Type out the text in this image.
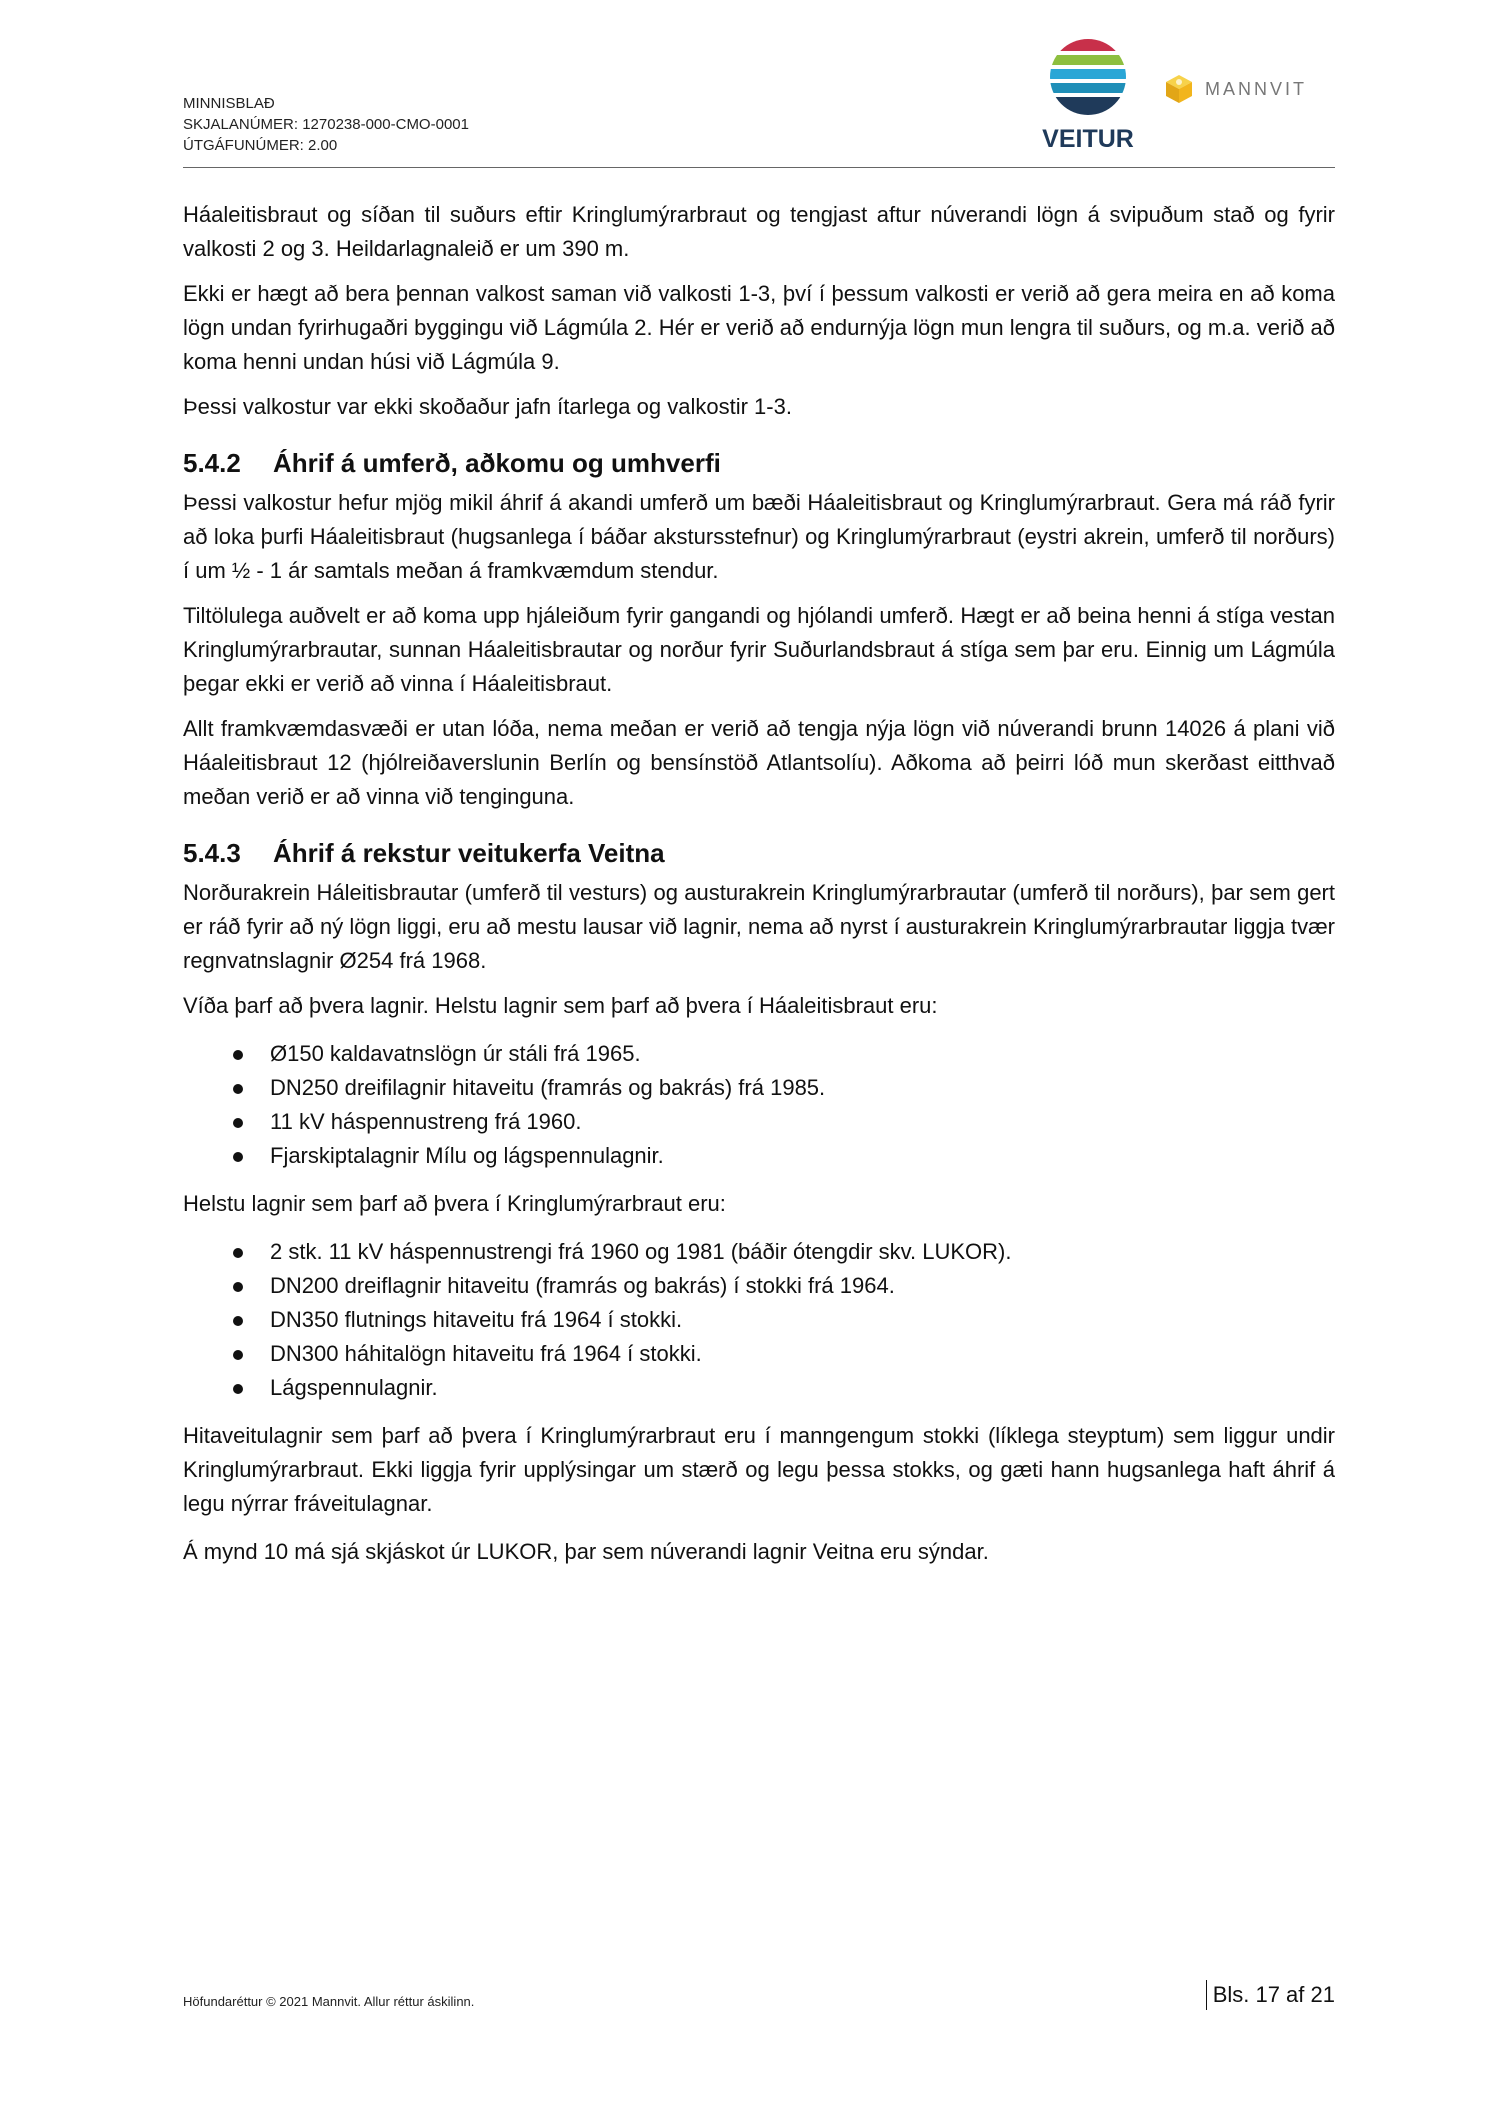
MINNISBLAÐ
SKJALANÚMER: 1270238-000-CMO-0001
ÚTGÁFUNÚMER: 2.00	VEITUR
MANNVIT

Háaleitisbraut og síðan til suðurs eftir Kringlumýrarbraut og tengjast aftur núverandi lögn á svipuðum stað og fyrir valkosti 2 og 3. Heildarlagnaleið er um 390 m.

Ekki er hægt að bera þennan valkost saman við valkosti 1-3, því í þessum valkosti er verið að gera meira en að koma lögn undan fyrirhugaðri byggingu við Lágmúla 2. Hér er verið að endurnýja lögn mun lengra til suðurs, og m.a. verið að koma henni undan húsi við Lágmúla 9.

Þessi valkostur var ekki skoðaður jafn ítarlega og valkostir 1-3.

5.4.2 Áhrif á umferð, aðkomu og umhverfi

Þessi valkostur hefur mjög mikil áhrif á akandi umferð um bæði Háaleitisbraut og Kringlumýrarbraut. Gera má ráð fyrir að loka þurfi Háaleitisbraut (hugsanlega í báðar akstursstefnur) og Kringlumýrarbraut (eystri akrein, umferð til norðurs) í um ½ - 1 ár samtals meðan á framkvæmdum stendur.

Tiltölulega auðvelt er að koma upp hjáleiðum fyrir gangandi og hjólandi umferð. Hægt er að beina henni á stíga vestan Kringlumýrarbrautar, sunnan Háaleitisbrautar og norður fyrir Suðurlandsbraut á stíga sem þar eru. Einnig um Lágmúla þegar ekki er verið að vinna í Háaleitisbraut.

Allt framkvæmdasvæði er utan lóða, nema meðan er verið að tengja nýja lögn við núverandi brunn 14026 á plani við Háaleitisbraut 12 (hjólreiðaverslunin Berlín og bensínstöð Atlantsolíu). Aðkoma að þeirri lóð mun skerðast eitthvað meðan verið er að vinna við tenginguna.

5.4.3 Áhrif á rekstur veitukerfa Veitna

Norðurakrein Háleitisbrautar (umferð til vesturs) og austurakrein Kringlumýrarbrautar (umferð til norðurs), þar sem gert er ráð fyrir að ný lögn liggi, eru að mestu lausar við lagnir, nema að nyrst í austurakrein Kringlumýrarbrautar liggja tvær regnvatnslagnir Ø254 frá 1968.

Víða þarf að þvera lagnir. Helstu lagnir sem þarf að þvera í Háaleitisbraut eru:

Ø150 kaldavatnslögn úr stáli frá 1965.
DN250 dreifilagnir hitaveitu (framrás og bakrás) frá 1985.
11 kV háspennustreng frá 1960.
Fjarskiptalagnir Mílu og lágspennulagnir.

Helstu lagnir sem þarf að þvera í Kringlumýrarbraut eru:

2 stk. 11 kV háspennustrengi frá 1960 og 1981 (báðir ótengdir skv. LUKOR).
DN200 dreiflagnir hitaveitu (framrás og bakrás) í stokki frá 1964.
DN350 flutnings hitaveitu frá 1964 í stokki.
DN300 háhitalögn hitaveitu frá 1964 í stokki.
Lágspennulagnir.

Hitaveitulagnir sem þarf að þvera í Kringlumýrarbraut eru í manngengum stokki (líklega steyptum) sem liggur undir Kringlumýrarbraut. Ekki liggja fyrir upplýsingar um stærð og legu þessa stokks, og gæti hann hugsanlega haft áhrif á legu nýrrar fráveitulagnar.

Á mynd 10 má sjá skjáskot úr LUKOR, þar sem núverandi lagnir Veitna eru sýndar.

Höfundaréttur © 2021 Mannvit. Allur réttur áskilinn.	Bls. 17 af 21
